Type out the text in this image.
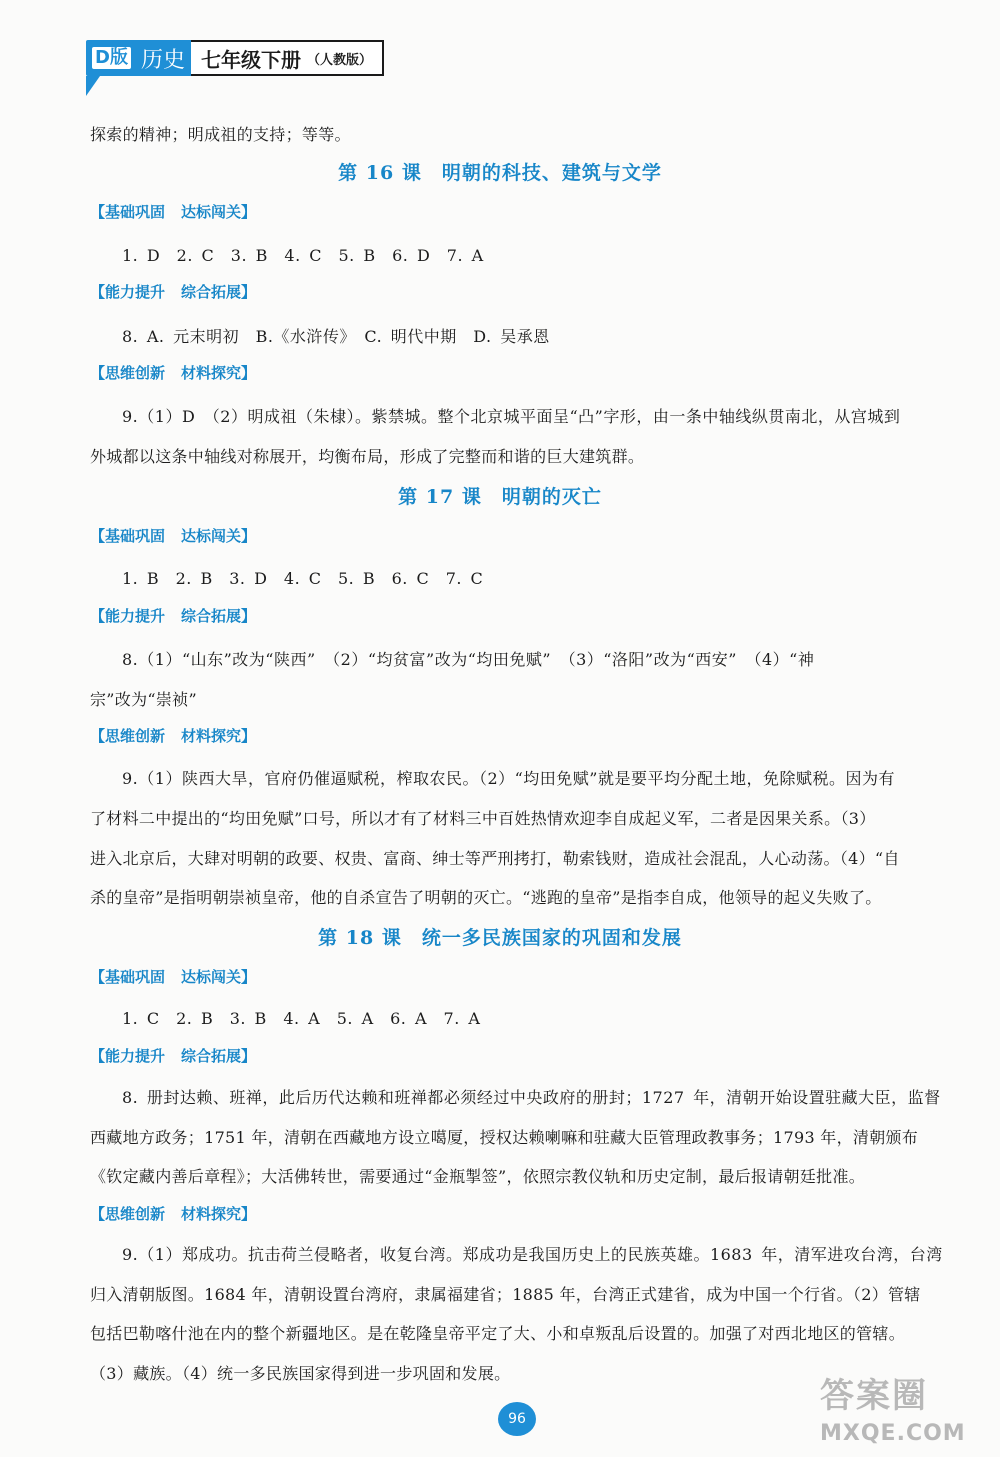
D版 历史 七年级下册 （人教版）
探索的精神；明成祖的支持；等等。
第 16 课　明朝的科技、建筑与文学
【基础巩固 达标闯关】
1. D　2. C　3. B　4. C　5. B　6. D　7. A
【能力提升 综合拓展】
8. A. 元末明初　B.《水浒传》　C. 明代中期　D. 吴承恩
【思维创新 材料探究】
9.（1）D　（2）明成祖（朱棣）。紫禁城。整个北京城平面呈“凸”字形，由一条中轴线纵贯南北，从宫城到
外城都以这条中轴线对称展开，均衡布局，形成了完整而和谐的巨大建筑群。
第 17 课　明朝的灭亡
【基础巩固 达标闯关】
1. B　2. B　3. D　4. C　5. B　6. C　7. C
【能力提升 综合拓展】
8.（1）“山东”改为“陕西”　（2）“均贫富”改为“均田免赋”　（3）“洛阳”改为“西安”　（4）“神
宗”改为“崇祯”
【思维创新 材料探究】
9.（1）陕西大旱，官府仍催逼赋税，榨取农民。（2）“均田免赋”就是要平均分配土地，免除赋税。因为有
了材料二中提出的“均田免赋”口号，所以才有了材料三中百姓热情欢迎李自成起义军，二者是因果关系。（3）
进入北京后，大肆对明朝的政要、权贵、富商、绅士等严刑拷打，勒索钱财，造成社会混乱，人心动荡。（4）“自
杀的皇帝”是指明朝崇祯皇帝，他的自杀宣告了明朝的灭亡。“逃跑的皇帝”是指李自成，他领导的起义失败了。
第 18 课　统一多民族国家的巩固和发展
【基础巩固 达标闯关】
1. C　2. B　3. B　4. A　5. A　6. A　7. A
【能力提升 综合拓展】
8. 册封达赖、班禅，此后历代达赖和班禅都必须经过中央政府的册封；1727 年，清朝开始设置驻藏大臣，监督
西藏地方政务；1751 年，清朝在西藏地方设立噶厦，授权达赖喇嘛和驻藏大臣管理政教事务；1793 年，清朝颁布
《钦定藏内善后章程》；大活佛转世，需要通过“金瓶掣签”，依照宗教仪轨和历史定制，最后报请朝廷批准。
【思维创新 材料探究】
9.（1）郑成功。抗击荷兰侵略者，收复台湾。郑成功是我国历史上的民族英雄。1683 年，清军进攻台湾，台湾
归入清朝版图。1684 年，清朝设置台湾府，隶属福建省；1885 年，台湾正式建省，成为中国一个行省。（2）管辖
包括巴勒喀什池在内的整个新疆地区。是在乾隆皇帝平定了大、小和卓叛乱后设置的。加强了对西北地区的管辖。
（3）藏族。（4）统一多民族国家得到进一步巩固和发展。
96
答案圈
MXQE.COM
